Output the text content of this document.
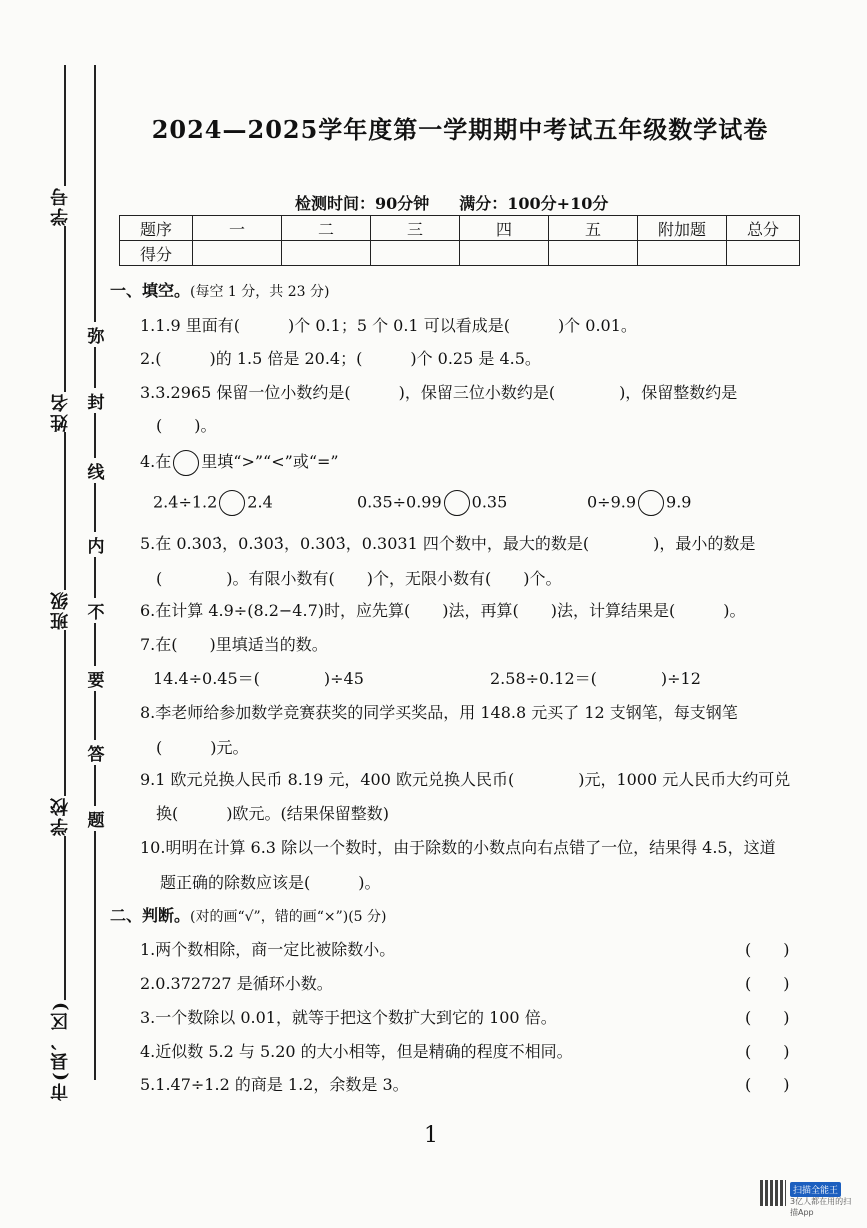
学号
姓名
班级
学校
市(县、区)
弥
封
线
内
不
要
答
题
2024—2025学年度第一学期期中考试五年级数学试卷
检测时间：90分钟 满分：100分+10分
题序	一	二	三	四	五	附加题	总分
得分							
一、填空。(每空 1 分，共 23 分)
1.1.9 里面有(　　　)个 0.1；5 个 0.1 可以看成是(　　　)个 0.01。
2.(　　　)的 1.5 倍是 20.4；(　　　)个 0.25 是 4.5。
3.3.2965 保留一位小数约是(　　　)，保留三位小数约是(　　　　)，保留整数约是
(　　)。
4.在 里填“>”“<”或“=”
2.4÷1.2 2.4	0.35÷0.99 0.35	0÷9.9 9.9
5.在 0.303̇，0.3̇03̇，0.30̇3̇，0.3031 四个数中，最大的数是(　　　　)，最小的数是
(　　　　)。有限小数有(　　)个，无限小数有(　　)个。
6.在计算 4.9÷(8.2−4.7)时，应先算(　　)法，再算(　　)法，计算结果是(　　　)。
7.在(　　)里填适当的数。
14.4÷0.45＝(　　　　)÷45	2.58÷0.12＝(　　　　)÷12
8.李老师给参加数学竞赛获奖的同学买奖品，用 148.8 元买了 12 支钢笔，每支钢笔
(　　　)元。
9.1 欧元兑换人民币 8.19 元，400 欧元兑换人民币(　　　　)元，1000 元人民币大约可兑
换(　　　)欧元。(结果保留整数)
10.明明在计算 6.3 除以一个数时，由于除数的小数点向右点错了一位，结果得 4.5，这道
题正确的除数应该是(　　　)。
二、判断。(对的画“√”，错的画“×”)(5 分)
1.两个数相除，商一定比被除数小。	(　　)
2.0.372727 是循环小数。	(　　)
3.一个数除以 0.01，就等于把这个数扩大到它的 100 倍。	(　　)
4.近似数 5.2 与 5.20 的大小相等，但是精确的程度不相同。	(　　)
5.1.47÷1.2 的商是 1.2，余数是 3。	(　　)
1
扫描全能王
3亿人都在用的扫描App
